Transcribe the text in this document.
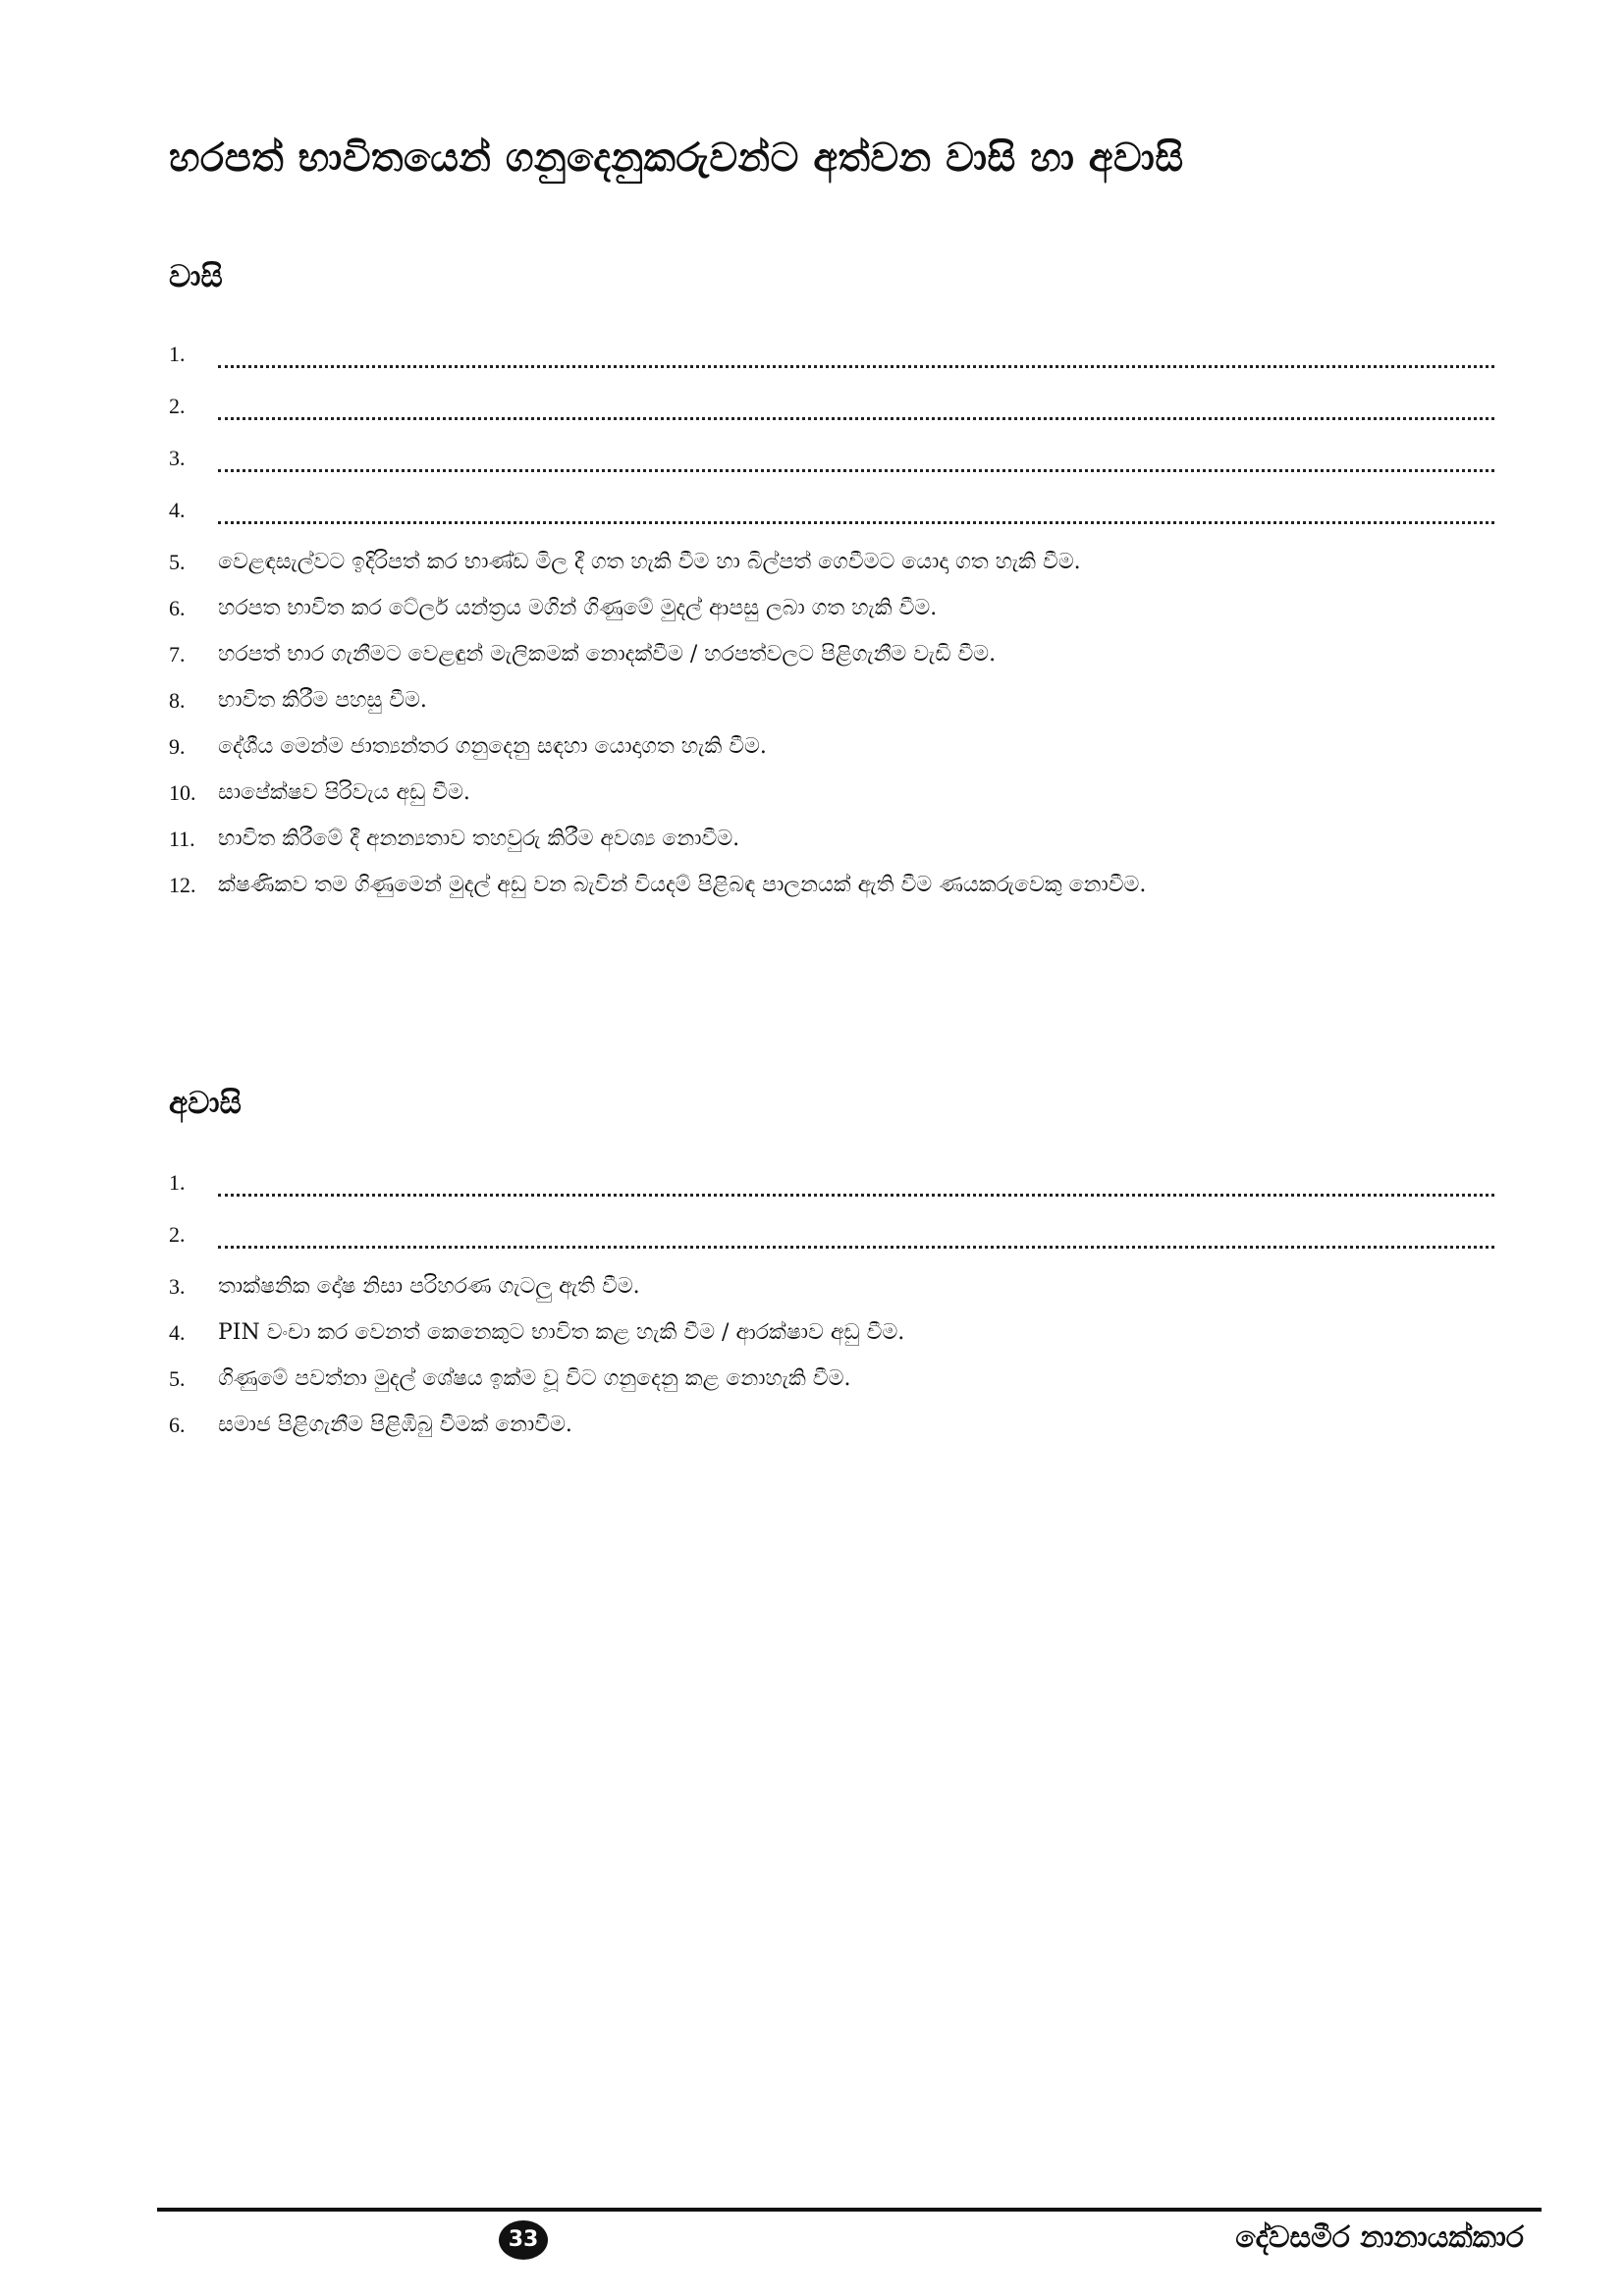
හරපත් භාවිතයෙන් ගනුදෙනුකරුවන්ට අත්වන වාසි හා අවාසි
වාසි
1.
2.
3.
4.
5.	වෙළඳසැල්වට ඉදිරිපත් කර භාණ්ඩ මිල දී ගත හැකි වීම හා බිල්පත් ගෙවීමට යොදා ගත හැකි වීම.
6.	හරපත භාවිත කර ටේලර් යන්ත්‍රය මගින් ගිණුමේ මුදල් ආපසු ලබා ගත හැකි වීම.
7.	හරපත් භාර ගැනීමට වෙළඳුන් මැලිකමක් නොදක්වීම / හරපත්වලට පිළිගැනීම වැඩි වීම.
8.	භාවිත කිරීම පහසු වීම.
9.	දේශීය මෙන්ම ජාත්‍යන්තර ගනුදෙනු සඳහා යොදාගත හැකි වීම.
10.	සාපේක්ෂව පිරිවැය අඩු වීම.
11.	භාවිත කිරීමේ දී අනන්‍යතාව තහවුරු කිරීම අවශ්‍ය නොවීම.
12.	ක්ෂණිකව තම ගිණුමෙන් මුදල් අඩු වන බැවින් වියදම් පිළිබඳ පාලනයක් ඇති වීම ණයකරුවෙකු නොවීම.
අවාසි
1.
2.
3.	තාක්ෂනික දෝෂ නිසා පරිහරණ ගැටලු ඇති වීම.
4.	PIN වංචා කර වෙනත් කෙනෙකුට භාවිත කළ හැකි වීම / ආරක්ෂාව අඩු වීම.
5.	ගිණුමේ පවත්නා මුදල් ශේෂය ඉක්ම වූ විට ගනුදෙනු කළ නොහැකි වීම.
6.	සමාජ පිළිගැනීම පිළිඹිබු වීමක් නොවීම.
33	දේවසමීර නානායක්කාර
